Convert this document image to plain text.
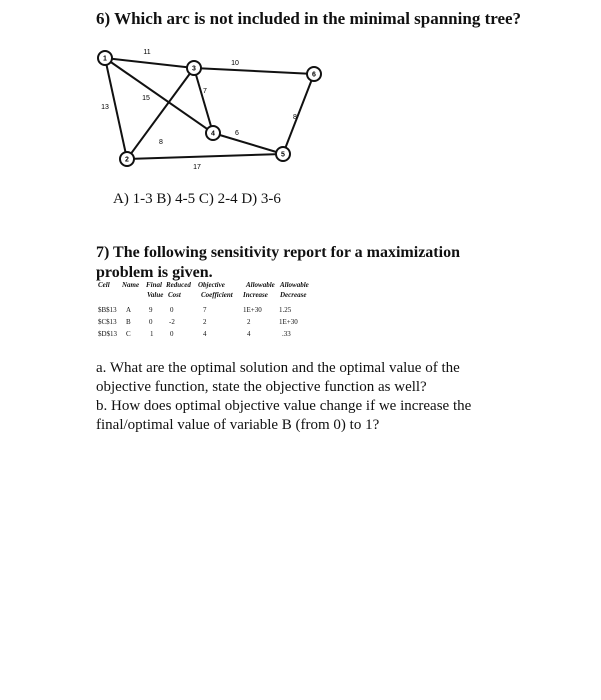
6) Which arc is not included in the minimal spanning tree?
11
10
15
13
7
8
6
8
17
1
2
3
4
5
6
A) 1-3 B) 4-5 C) 2-4 D) 3-6
7) The following sensitivity report for a maximization problem is given.
Cell Name Final Reduced Objective	Allowable Allowable
Value Cost	Coefficient Increase Decrease
$B$13 A	9	0	7	1E+30 1.25
$C$13 B	0 -2	2	2	1E+30
$D$13 C	1 0	4	4	.33

a. What are the optimal solution and the optimal value of the objective function, state the objective function as well?

b. How does optimal objective value change if we increase the final/optimal value of variable B (from 0) to 1?
